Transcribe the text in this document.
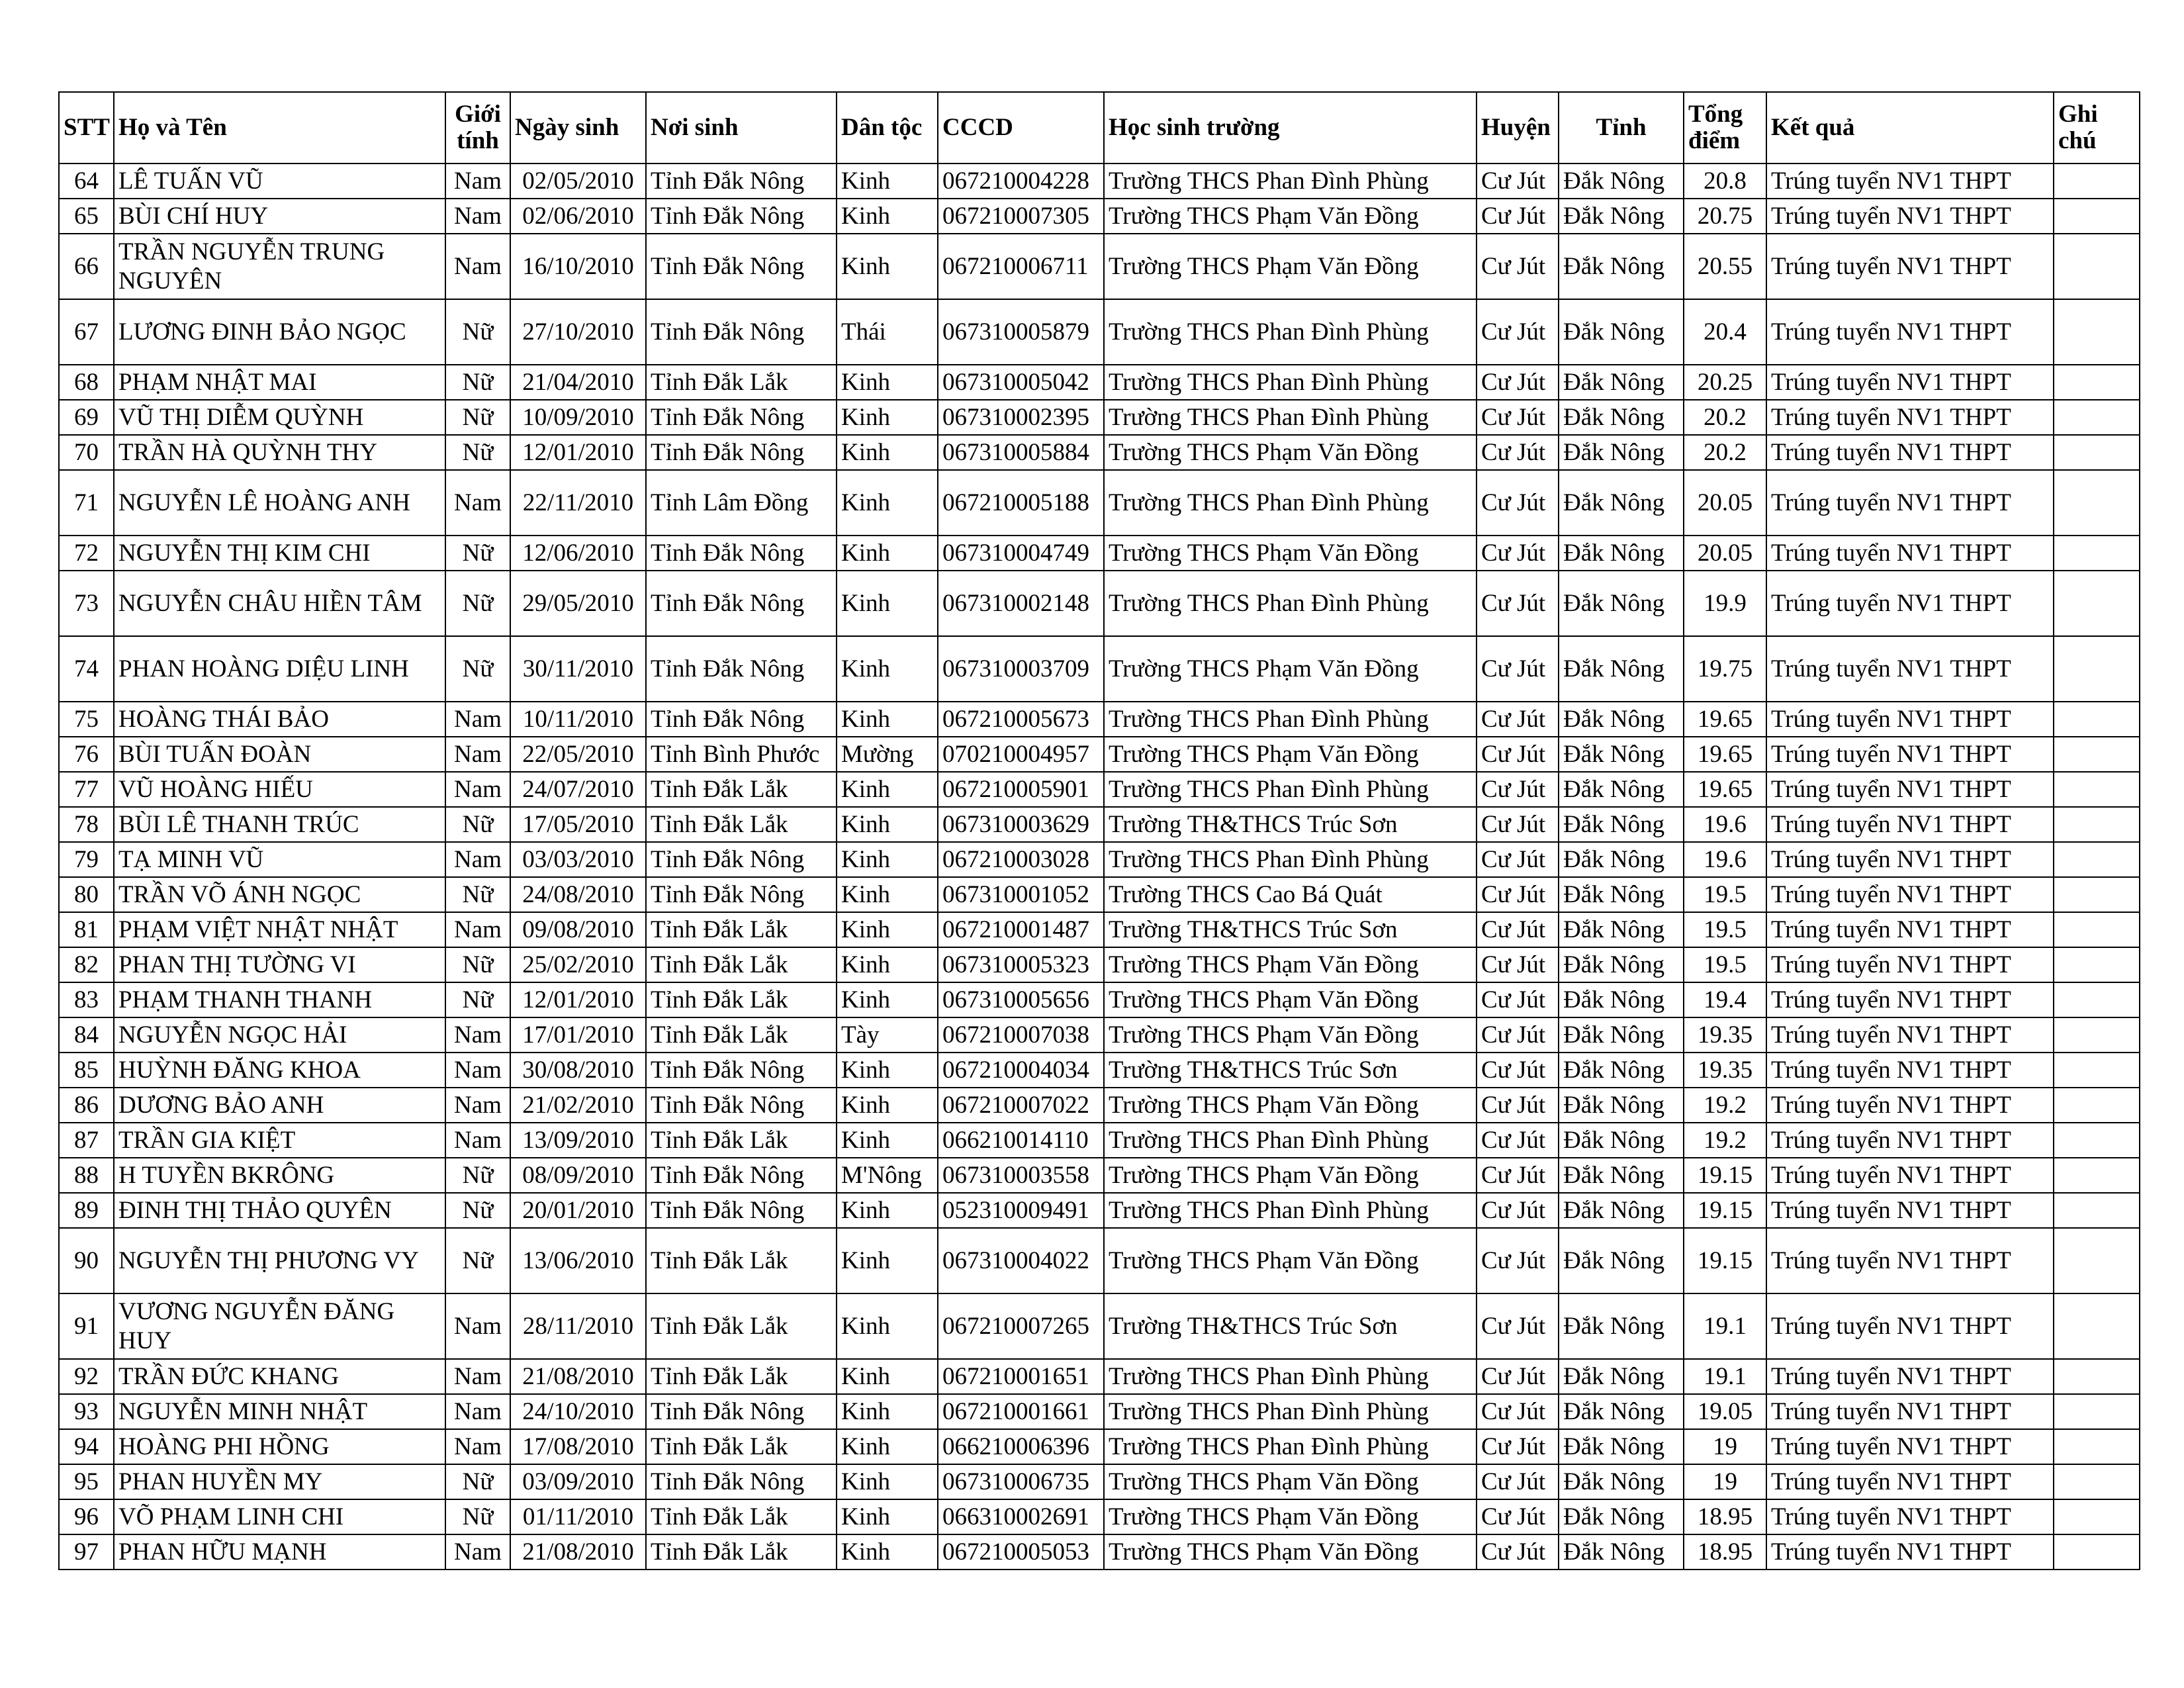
STT	Họ và Tên	Giới tính	Ngày sinh	Nơi sinh	Dân tộc	CCCD	Học sinh trường	Huyện	Tỉnh	Tổng điểm	Kết quả	Ghi chú

64	LÊ TUẤN VŨ	Nam	02/05/2010	Tỉnh Đắk Nông	Kinh	067210004228	Trường THCS Phan Đình Phùng	Cư Jút	Đắk Nông	20.8	Trúng tuyển NV1 THPT	
65	BÙI CHÍ HUY	Nam	02/06/2010	Tỉnh Đắk Nông	Kinh	067210007305	Trường THCS Phạm Văn Đồng	Cư Jút	Đắk Nông	20.75	Trúng tuyển NV1 THPT	
66	TRẦN NGUYỄN TRUNG NGUYÊN	Nam	16/10/2010	Tỉnh Đắk Nông	Kinh	067210006711	Trường THCS Phạm Văn Đồng	Cư Jút	Đắk Nông	20.55	Trúng tuyển NV1 THPT	
67	LƯƠNG ĐINH BẢO NGỌC	Nữ	27/10/2010	Tỉnh Đắk Nông	Thái	067310005879	Trường THCS Phan Đình Phùng	Cư Jút	Đắk Nông	20.4	Trúng tuyển NV1 THPT	
68	PHẠM NHẬT MAI	Nữ	21/04/2010	Tỉnh Đắk Lắk	Kinh	067310005042	Trường THCS Phan Đình Phùng	Cư Jút	Đắk Nông	20.25	Trúng tuyển NV1 THPT	
69	VŨ THỊ DIỄM QUỲNH	Nữ	10/09/2010	Tỉnh Đắk Nông	Kinh	067310002395	Trường THCS Phan Đình Phùng	Cư Jút	Đắk Nông	20.2	Trúng tuyển NV1 THPT	
70	TRẦN HÀ QUỲNH THY	Nữ	12/01/2010	Tỉnh Đắk Nông	Kinh	067310005884	Trường THCS Phạm Văn Đồng	Cư Jút	Đắk Nông	20.2	Trúng tuyển NV1 THPT	
71	NGUYỄN LÊ HOÀNG ANH	Nam	22/11/2010	Tỉnh Lâm Đồng	Kinh	067210005188	Trường THCS Phan Đình Phùng	Cư Jút	Đắk Nông	20.05	Trúng tuyển NV1 THPT	
72	NGUYỄN THỊ KIM CHI	Nữ	12/06/2010	Tỉnh Đắk Nông	Kinh	067310004749	Trường THCS Phạm Văn Đồng	Cư Jút	Đắk Nông	20.05	Trúng tuyển NV1 THPT	
73	NGUYỄN CHÂU HIỀN TÂM	Nữ	29/05/2010	Tỉnh Đắk Nông	Kinh	067310002148	Trường THCS Phan Đình Phùng	Cư Jút	Đắk Nông	19.9	Trúng tuyển NV1 THPT	
74	PHAN HOÀNG DIỆU LINH	Nữ	30/11/2010	Tỉnh Đắk Nông	Kinh	067310003709	Trường THCS Phạm Văn Đồng	Cư Jút	Đắk Nông	19.75	Trúng tuyển NV1 THPT	
75	HOÀNG THÁI BẢO	Nam	10/11/2010	Tỉnh Đắk Nông	Kinh	067210005673	Trường THCS Phan Đình Phùng	Cư Jút	Đắk Nông	19.65	Trúng tuyển NV1 THPT	
76	BÙI TUẤN ĐOÀN	Nam	22/05/2010	Tỉnh Bình Phước	Mường	070210004957	Trường THCS Phạm Văn Đồng	Cư Jút	Đắk Nông	19.65	Trúng tuyển NV1 THPT	
77	VŨ HOÀNG HIẾU	Nam	24/07/2010	Tỉnh Đắk Lắk	Kinh	067210005901	Trường THCS Phan Đình Phùng	Cư Jút	Đắk Nông	19.65	Trúng tuyển NV1 THPT	
78	BÙI LÊ THANH TRÚC	Nữ	17/05/2010	Tỉnh Đắk Lắk	Kinh	067310003629	Trường TH&THCS Trúc Sơn	Cư Jút	Đắk Nông	19.6	Trúng tuyển NV1 THPT	
79	TẠ MINH VŨ	Nam	03/03/2010	Tỉnh Đắk Nông	Kinh	067210003028	Trường THCS Phan Đình Phùng	Cư Jút	Đắk Nông	19.6	Trúng tuyển NV1 THPT	
80	TRẦN VÕ ÁNH NGỌC	Nữ	24/08/2010	Tỉnh Đắk Nông	Kinh	067310001052	Trường THCS Cao Bá Quát	Cư Jút	Đắk Nông	19.5	Trúng tuyển NV1 THPT	
81	PHẠM VIỆT NHẬT NHẬT	Nam	09/08/2010	Tỉnh Đắk Lắk	Kinh	067210001487	Trường TH&THCS Trúc Sơn	Cư Jút	Đắk Nông	19.5	Trúng tuyển NV1 THPT	
82	PHAN THỊ TƯỜNG VI	Nữ	25/02/2010	Tỉnh Đắk Lắk	Kinh	067310005323	Trường THCS Phạm Văn Đồng	Cư Jút	Đắk Nông	19.5	Trúng tuyển NV1 THPT	
83	PHẠM THANH THANH	Nữ	12/01/2010	Tỉnh Đắk Lắk	Kinh	067310005656	Trường THCS Phạm Văn Đồng	Cư Jút	Đắk Nông	19.4	Trúng tuyển NV1 THPT	
84	NGUYỄN NGỌC HẢI	Nam	17/01/2010	Tỉnh Đắk Lắk	Tày	067210007038	Trường THCS Phạm Văn Đồng	Cư Jút	Đắk Nông	19.35	Trúng tuyển NV1 THPT	
85	HUỲNH ĐĂNG KHOA	Nam	30/08/2010	Tỉnh Đắk Nông	Kinh	067210004034	Trường TH&THCS Trúc Sơn	Cư Jút	Đắk Nông	19.35	Trúng tuyển NV1 THPT	
86	DƯƠNG BẢO ANH	Nam	21/02/2010	Tỉnh Đắk Nông	Kinh	067210007022	Trường THCS Phạm Văn Đồng	Cư Jút	Đắk Nông	19.2	Trúng tuyển NV1 THPT	
87	TRẦN GIA KIỆT	Nam	13/09/2010	Tỉnh Đắk Lắk	Kinh	066210014110	Trường THCS Phan Đình Phùng	Cư Jút	Đắk Nông	19.2	Trúng tuyển NV1 THPT	
88	H TUYỀN BKRÔNG	Nữ	08/09/2010	Tỉnh Đắk Nông	M'Nông	067310003558	Trường THCS Phạm Văn Đồng	Cư Jút	Đắk Nông	19.15	Trúng tuyển NV1 THPT	
89	ĐINH THỊ THẢO QUYÊN	Nữ	20/01/2010	Tỉnh Đắk Nông	Kinh	052310009491	Trường THCS Phan Đình Phùng	Cư Jút	Đắk Nông	19.15	Trúng tuyển NV1 THPT	
90	NGUYỄN THỊ PHƯƠNG VY	Nữ	13/06/2010	Tỉnh Đắk Lắk	Kinh	067310004022	Trường THCS Phạm Văn Đồng	Cư Jút	Đắk Nông	19.15	Trúng tuyển NV1 THPT	
91	VƯƠNG NGUYỄN ĐĂNG HUY	Nam	28/11/2010	Tỉnh Đắk Lắk	Kinh	067210007265	Trường TH&THCS Trúc Sơn	Cư Jút	Đắk Nông	19.1	Trúng tuyển NV1 THPT	
92	TRẦN ĐỨC KHANG	Nam	21/08/2010	Tỉnh Đắk Lắk	Kinh	067210001651	Trường THCS Phan Đình Phùng	Cư Jút	Đắk Nông	19.1	Trúng tuyển NV1 THPT	
93	NGUYỄN MINH NHẬT	Nam	24/10/2010	Tỉnh Đắk Nông	Kinh	067210001661	Trường THCS Phan Đình Phùng	Cư Jút	Đắk Nông	19.05	Trúng tuyển NV1 THPT	
94	HOÀNG PHI HỒNG	Nam	17/08/2010	Tỉnh Đắk Lắk	Kinh	066210006396	Trường THCS Phan Đình Phùng	Cư Jút	Đắk Nông	19	Trúng tuyển NV1 THPT	
95	PHAN HUYỀN MY	Nữ	03/09/2010	Tỉnh Đắk Nông	Kinh	067310006735	Trường THCS Phạm Văn Đồng	Cư Jút	Đắk Nông	19	Trúng tuyển NV1 THPT	
96	VÕ PHẠM LINH CHI	Nữ	01/11/2010	Tỉnh Đắk Lắk	Kinh	066310002691	Trường THCS Phạm Văn Đồng	Cư Jút	Đắk Nông	18.95	Trúng tuyển NV1 THPT	
97	PHAN HỮU MẠNH	Nam	21/08/2010	Tỉnh Đắk Lắk	Kinh	067210005053	Trường THCS Phạm Văn Đồng	Cư Jút	Đắk Nông	18.95	Trúng tuyển NV1 THPT	
